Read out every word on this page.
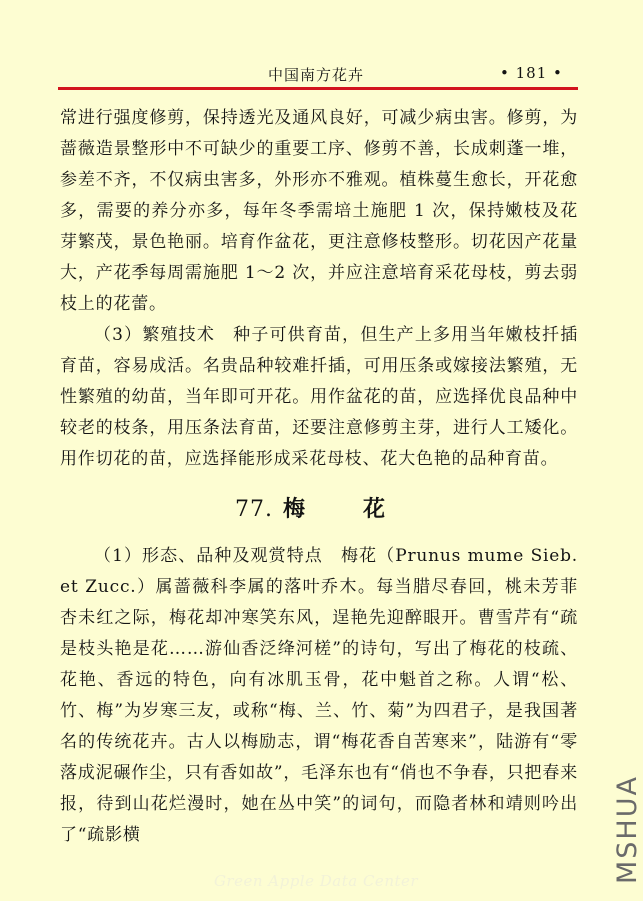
中国南方花卉	• 181 •

常进行强度修剪，保持透光及通风良好，可减少病虫害。修剪，为蔷薇造景整形中不可缺少的重要工序、修剪不善，长成刺蓬一堆，参差不齐，不仅病虫害多，外形亦不雅观。植株蔓生愈长，开花愈多，需要的养分亦多，每年冬季需培土施肥 1 次，保持嫩枝及花芽繁茂，景色艳丽。培育作盆花，更注意修枝整形。切花因产花量大，产花季每周需施肥 1～2 次，并应注意培育采花母枝，剪去弱枝上的花蕾。

（3）繁殖技术　种子可供育苗，但生产上多用当年嫩枝扦插育苗，容易成活。名贵品种较难扦插，可用压条或嫁接法繁殖，无性繁殖的幼苗，当年即可开花。用作盆花的苗，应选择优良品种中较老的枝条，用压条法育苗，还要注意修剪主芽，进行人工矮化。用作切花的苗，应选择能形成采花母枝、花大色艳的品种育苗。

77. 梅　花

（1）形态、品种及观赏特点　梅花（Prunus mume Sieb. et Zucc.）属蔷薇科李属的落叶乔木。每当腊尽春回，桃未芳菲杏未红之际，梅花却冲寒笑东风，逞艳先迎醉眼开。曹雪芹有“疏是枝头艳是花……游仙香泛绛河槎”的诗句，写出了梅花的枝疏、花艳、香远的特色，向有冰肌玉骨，花中魁首之称。人谓“松、竹、梅”为岁寒三友，或称“梅、兰、竹、菊”为四君子，是我国著名的传统花卉。古人以梅励志，谓“梅花香自苦寒来”，陆游有“零落成泥碾作尘，只有香如故”，毛泽东也有“俏也不争春，只把春来报，待到山花烂漫时，她在丛中笑”的词句，而隐者林和靖则吟出了“疏影横

Green Apple Data Center	MSHUA
